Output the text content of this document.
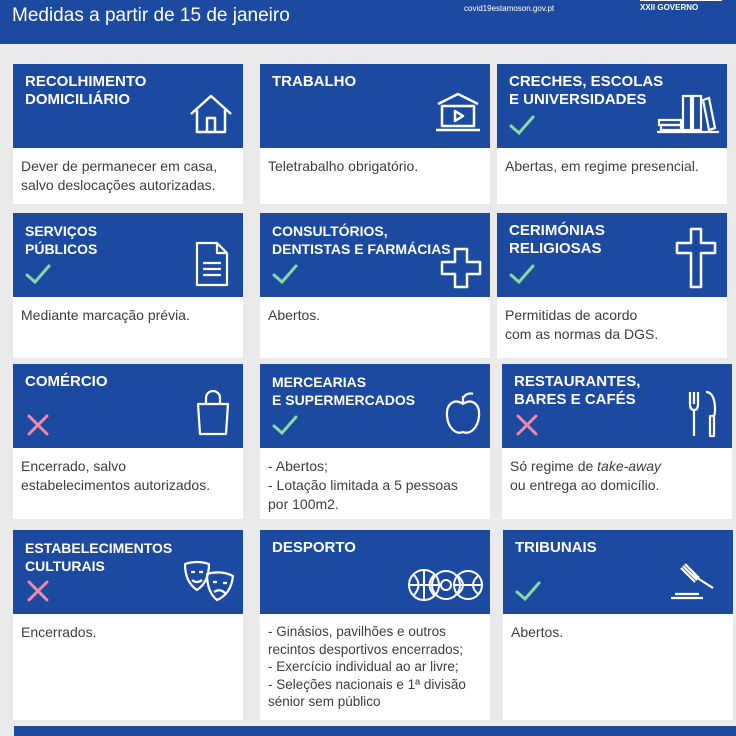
Medidas a partir de 15 de janeiro	covid19estamoson.gov.pt	XXII GOVERNO
RECOLHIMENTO
DOMICILIÁRIO
Dever de permanecer em casa,
salvo deslocações autorizadas.
TRABALHO
Teletrabalho obrigatório.
CRECHES, ESCOLAS
E UNIVERSIDADES
Abertas, em regime presencial.
SERVIÇOS
PÚBLICOS
Mediante marcação prévia.
CONSULTÓRIOS,
DENTISTAS E FARMÁCIAS
Abertos.
CERIMÓNIAS
RELIGIOSAS
Permitidas de acordo
com as normas da DGS.
COMÉRCIO
Encerrado, salvo
estabelecimentos autorizados.
MERCEARIAS
E SUPERMERCADOS
- Abertos;
- Lotação limitada a 5 pessoas
por 100m2.
RESTAURANTES,
BARES E CAFÉS
Só regime de take-away
ou entrega ao domicílio.
ESTABELECIMENTOS
CULTURAIS
Encerrados.
DESPORTO
- Ginásios, pavilhões e outros
recintos desportivos encerrados;
- Exercício individual ao ar livre;
- Seleções nacionais e 1ª divisão
sénior sem público
TRIBUNAIS
Abertos.
